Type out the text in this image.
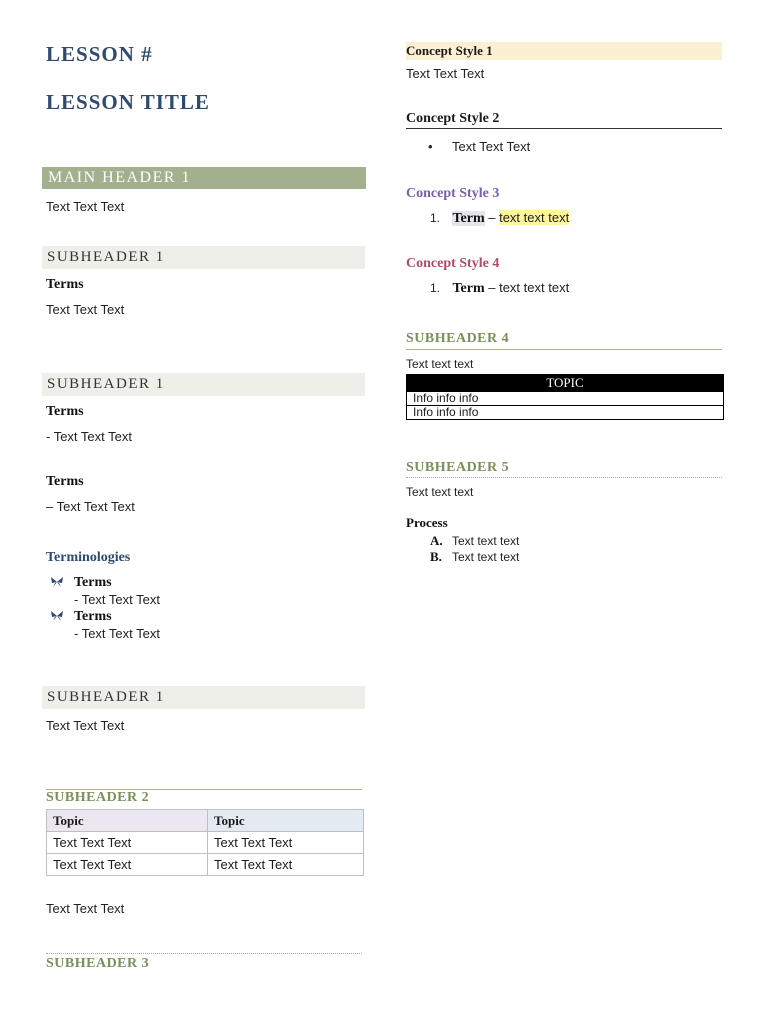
LESSON #
LESSON TITLE
MAIN HEADER 1
Text Text Text
SUBHEADER 1
Terms
Text Text Text
SUBHEADER 1
Terms
- Text Text Text
Terms
– Text Text Text
Terminologies
Terms
- Text Text Text
Terms
- Text Text Text
SUBHEADER 1
Text Text Text
SUBHEADER 2
Topic	Topic
Text Text Text	Text Text Text
Text Text Text	Text Text Text
Text Text Text
SUBHEADER 3
Concept Style 1
Text Text Text
Concept Style 2
• Text Text Text
Concept Style 3
1. Term – text text text
Concept Style 4
1. Term – text text text
SUBHEADER 4
Text text text
TOPIC
Info info info
Info info info
SUBHEADER 5
Text text text
Process
A. Text text text
B. Text text text
